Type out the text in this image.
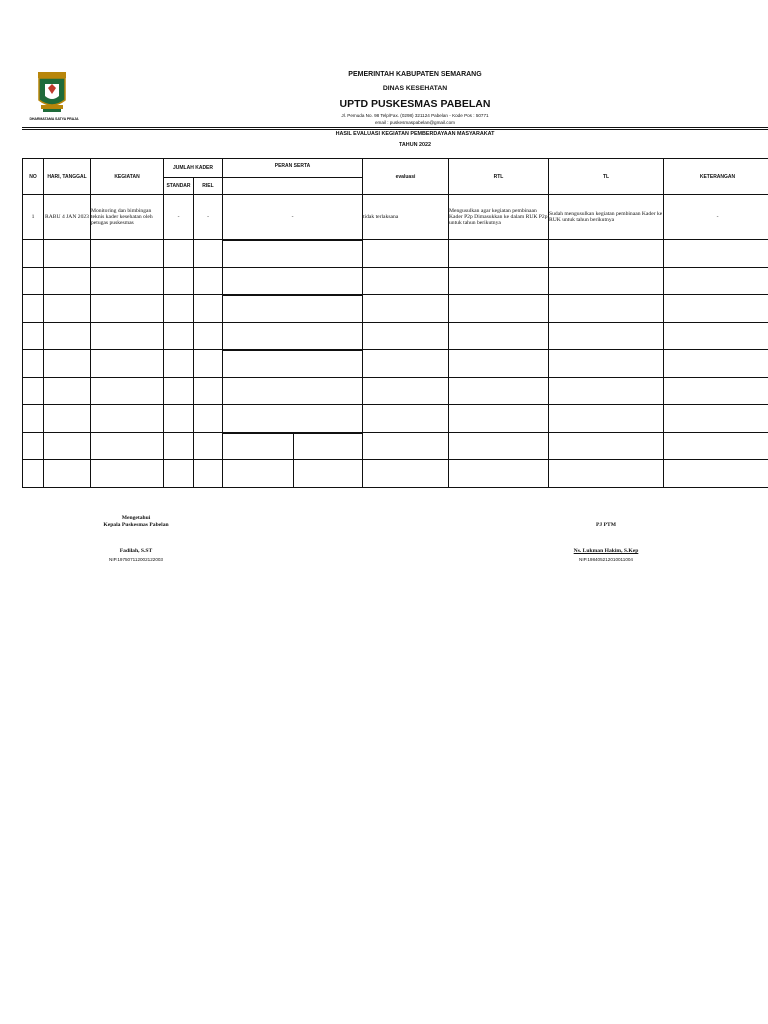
DHARMATAMA SATYA PRAJA
PEMERINTAH KABUPATEN SEMARANG
DINAS KESEHATAN
UPTD PUSKESMAS PABELAN
Jl. Pemuda No. 98 Telp/Fax. (0298) 321124 Pabelan - Kode Pos : 50771
email : puskesmaspabelan@gmail.com
HASIL EVALUASI KEGIATAN PEMBERDAYAAN MASYARAKAT
TAHUN 2022
NO	HARI, TANGGAL	KEGIATAN	JUMLAH KADER		PERAN SERTA		evaluasi	RTL	TL	KETERANGAN
			STANDAR	RIEL						
1	RABU 4 JAN 2023	Monitoring dan bimbingan teknis kader kesehatan oleh petugas puskesmas	-	-	-		tidak terlaksana	Mengusulkan agar kegiatan pembinaan Kader P2p Dimasukkan ke dalam RUK P2p untuk tahun berikutnya	Sudah mengusulkan kegiatan pembinaan Kader ke RUK untuk tahun berikutnya	-

Mengetahui
Kepala Puskesmas Pabelan
Fadilah, S.ST
NIP.197507112002122003
PJ PTM
Ns. Lukman Hakim, S.Kep
NIP.198405212010011004
